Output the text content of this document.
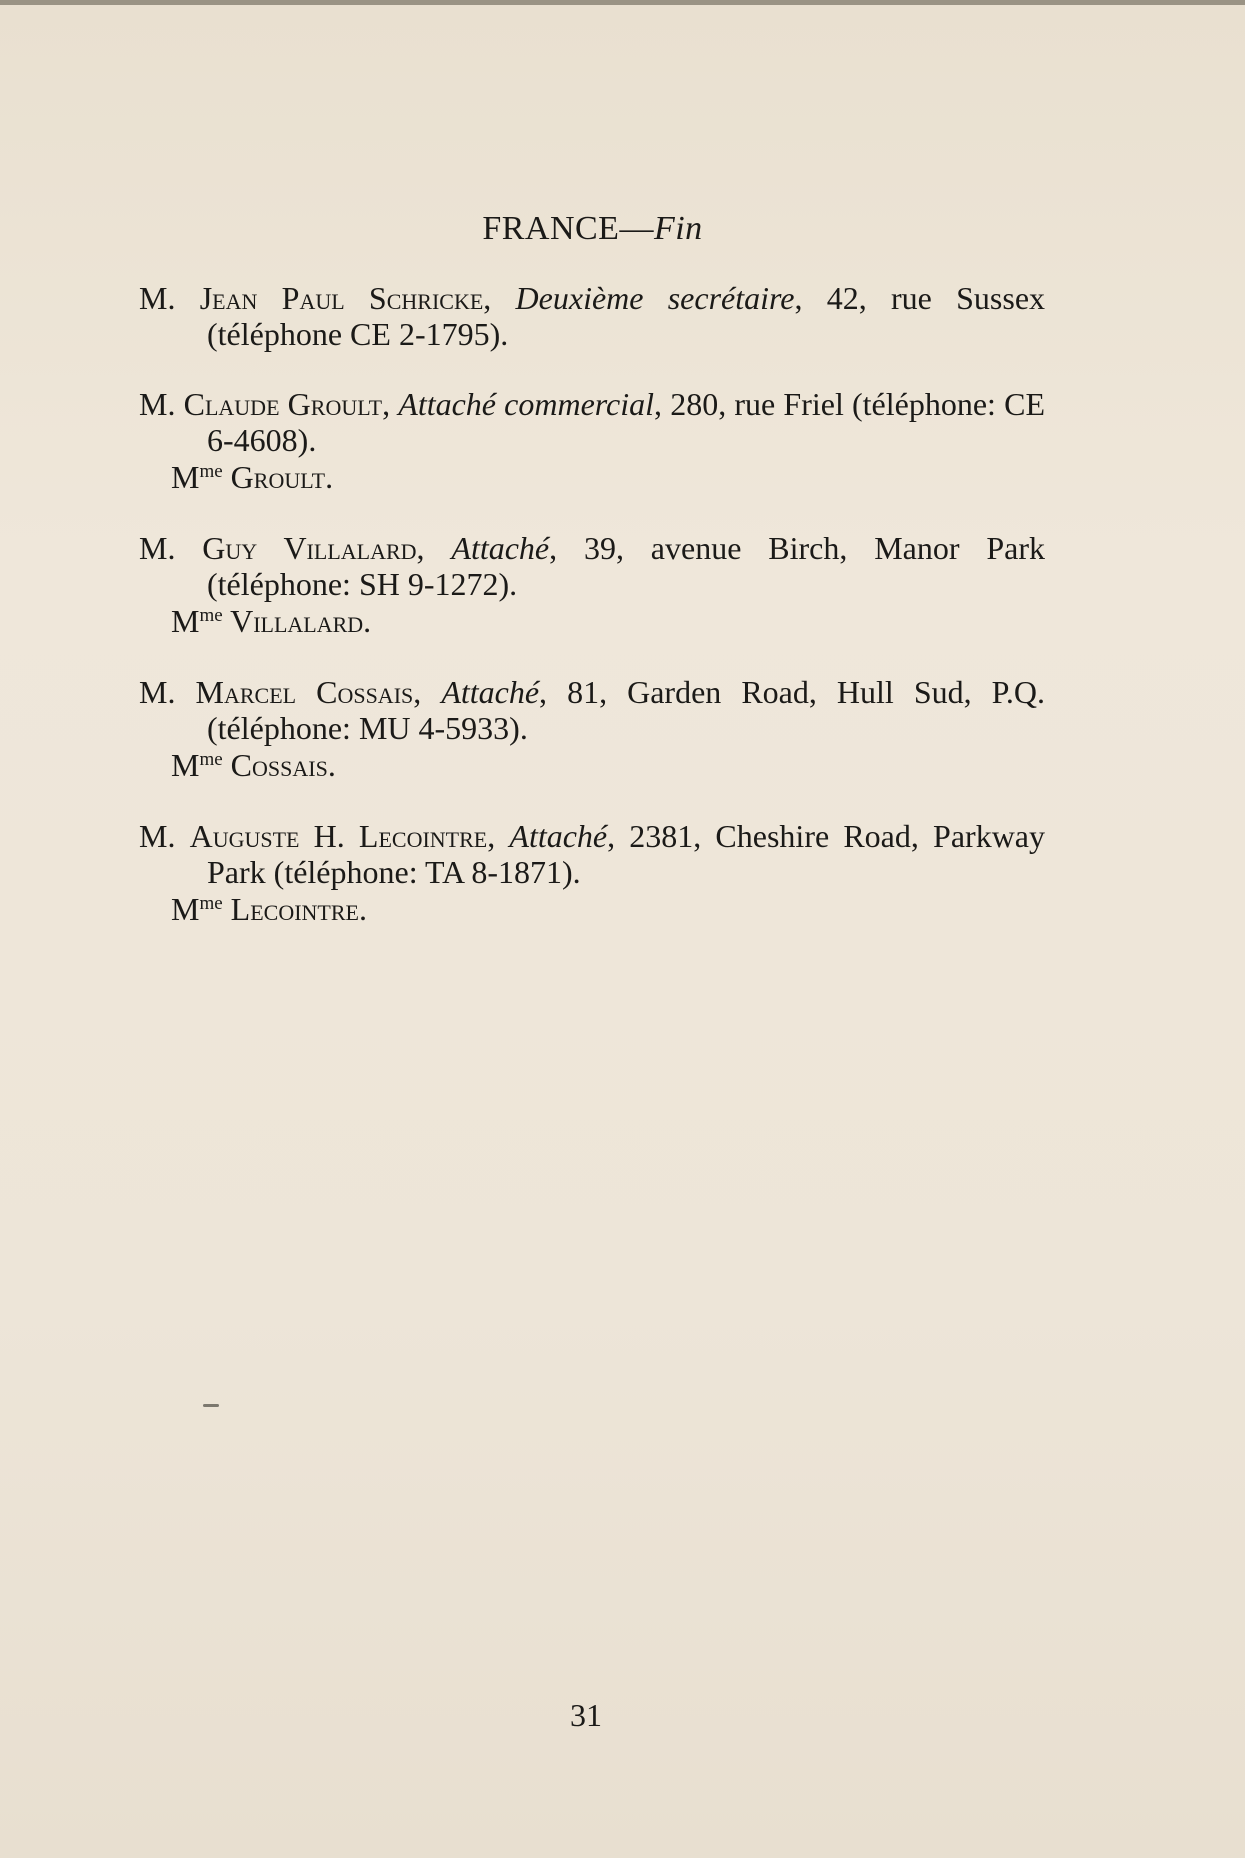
FRANCE—Fin
M. Jean Paul Schricke, Deuxième secrétaire, 42, rue Sussex (téléphone CE 2-1795).
M. Claude Groult, Attaché commercial, 280, rue Friel (téléphone: CE 6-4608).
$M^{me}$ Groult.
M. Guy Villalard, Attaché, 39, avenue Birch, Manor Park (téléphone: SH 9-1272).
$M^{me}$ Villalard.
M. Marcel Cossais, Attaché, 81, Garden Road, Hull Sud, P.Q. (téléphone: MU 4-5933).
$M^{me}$ Cossais.
M. Auguste H. Lecointre, Attaché, 2381, Cheshire Road, Parkway Park (téléphone: TA 8-1871).
$M^{me}$ Lecointre.
31
